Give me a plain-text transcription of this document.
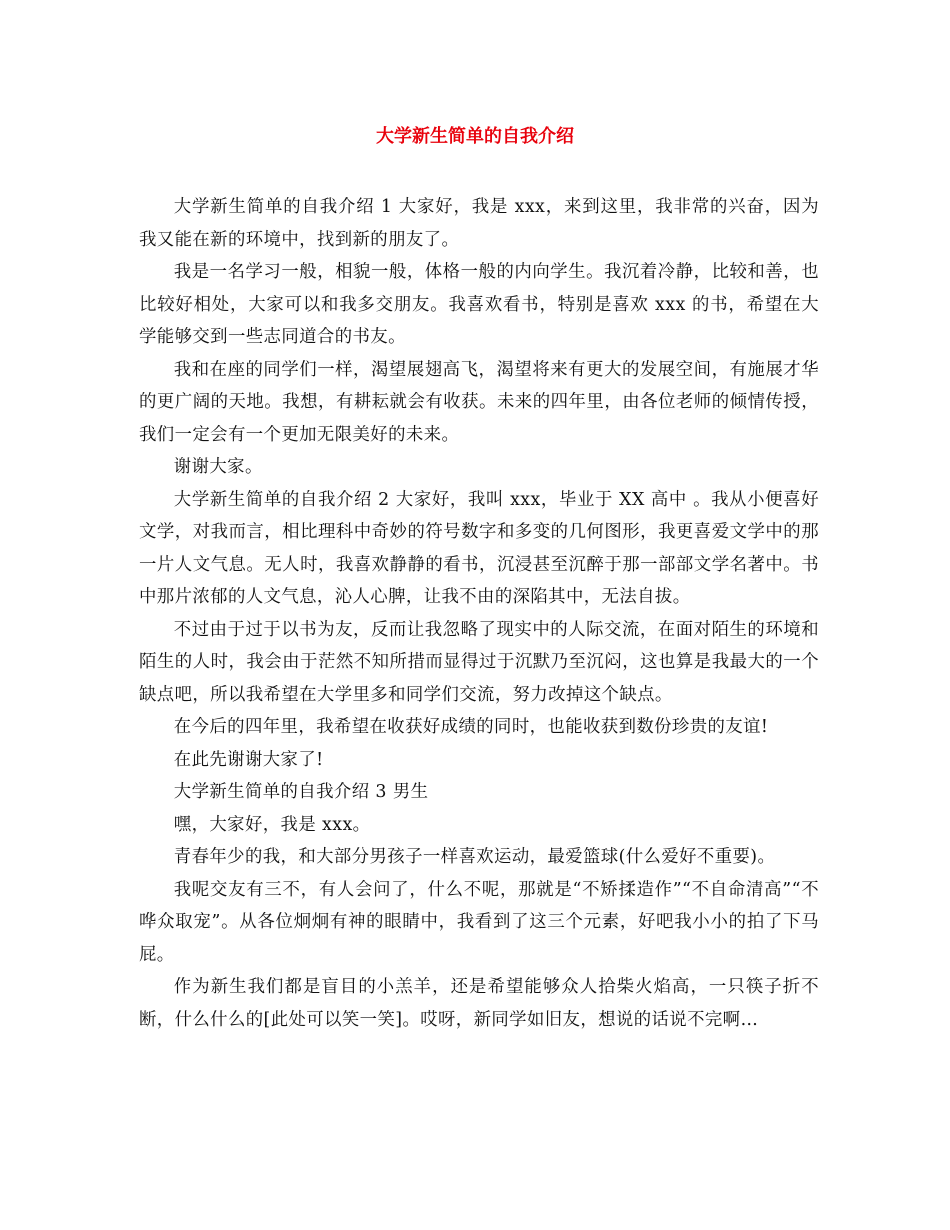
大学新生简单的自我介绍

大学新生简单的自我介绍 1 大家好，我是 xxx，来到这里，我非常的兴奋，因为我又能在新的环境中，找到新的朋友了。

我是一名学习一般，相貌一般，体格一般的内向学生。我沉着冷静，比较和善，也比较好相处，大家可以和我多交朋友。我喜欢看书，特别是喜欢 xxx 的书，希望在大学能够交到一些志同道合的书友。

我和在座的同学们一样，渴望展翅高飞，渴望将来有更大的发展空间，有施展才华的更广阔的天地。我想，有耕耘就会有收获。未来的四年里，由各位老师的倾情传授，我们一定会有一个更加无限美好的未来。

谢谢大家。

大学新生简单的自我介绍 2 大家好，我叫 xxx，毕业于 XX 高中 。我从小便喜好文学，对我而言，相比理科中奇妙的符号数字和多变的几何图形，我更喜爱文学中的那一片人文气息。无人时，我喜欢静静的看书，沉浸甚至沉醉于那一部部文学名著中。书中那片浓郁的人文气息，沁人心脾，让我不由的深陷其中，无法自拔。

不过由于过于以书为友，反而让我忽略了现实中的人际交流，在面对陌生的环境和陌生的人时，我会由于茫然不知所措而显得过于沉默乃至沉闷，这也算是我最大的一个缺点吧，所以我希望在大学里多和同学们交流，努力改掉这个缺点。

在今后的四年里，我希望在收获好成绩的同时，也能收获到数份珍贵的友谊!

在此先谢谢大家了!

大学新生简单的自我介绍 3 男生

嘿，大家好，我是 xxx。

青春年少的我，和大部分男孩子一样喜欢运动，最爱篮球(什么爱好不重要)。

我呢交友有三不，有人会问了，什么不呢，那就是“不矫揉造作”“不自命清高”“不哗众取宠”。从各位炯炯有神的眼睛中，我看到了这三个元素，好吧我小小的拍了下马屁。

作为新生我们都是盲目的小羔羊，还是希望能够众人拾柴火焰高，一只筷子折不断，什么什么的[此处可以笑一笑]。哎呀，新同学如旧友，想说的话说不完啊…
